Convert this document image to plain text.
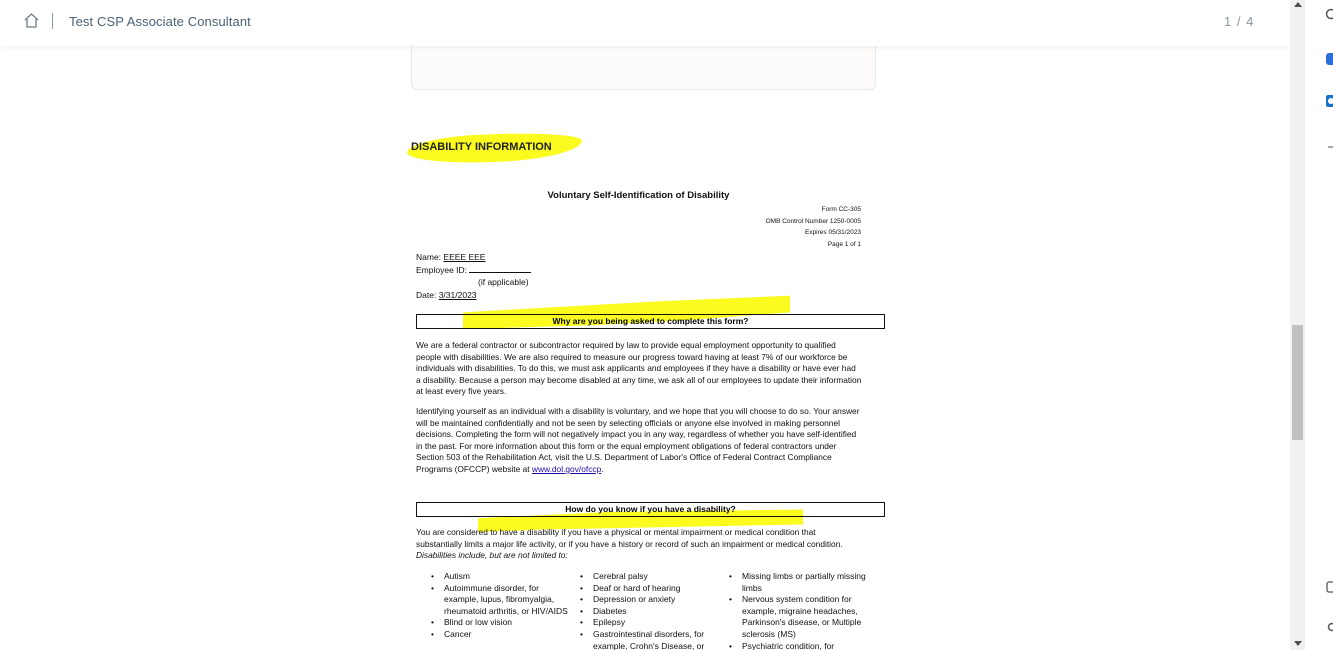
Test CSP Associate Consultant	1 / 4
DISABILITY INFORMATION
Voluntary Self-Identification of Disability
Form CC-305
OMB Control Number 1250-0005
Expires 05/31/2023
Page 1 of 1
Name: EEEE EEE
Employee ID:
(if applicable)
Date: 3/31/2023
Why are you being asked to complete this form?
We are a federal contractor or subcontractor required by law to provide equal employment opportunity to qualified people with disabilities. We are also required to measure our progress toward having at least 7% of our workforce be individuals with disabilities. To do this, we must ask applicants and employees if they have a disability or have ever had a disability. Because a person may become disabled at any time, we ask all of our employees to update their information at least every five years.
Identifying yourself as an individual with a disability is voluntary, and we hope that you will choose to do so. Your answer will be maintained confidentially and not be seen by selecting officials or anyone else involved in making personnel decisions. Completing the form will not negatively impact you in any way, regardless of whether you have self-identified in the past. For more information about this form or the equal employment obligations of federal contractors under Section 503 of the Rehabilitation Act, visit the U.S. Department of Labor's Office of Federal Contract Compliance Programs (OFCCP) website at www.dol.gov/ofccp.
How do you know if you have a disability?
You are considered to have a disability if you have a physical or mental impairment or medical condition that substantially limits a major life activity, or if you have a history or record of such an impairment or medical condition. Disabilities include, but are not limited to:
• Autism
• Autoimmune disorder, for example, lupus, fibromyalgia, rheumatoid arthritis, or HIV/AIDS
• Blind or low vision
• Cancer
• Cerebral palsy
• Deaf or hard of hearing
• Depression or anxiety
• Diabetes
• Epilepsy
• Gastrointestinal disorders, for example, Crohn's Disease, or
• Missing limbs or partially missing limbs
• Nervous system condition for example, migraine headaches, Parkinson's disease, or Multiple sclerosis (MS)
• Psychiatric condition, for
